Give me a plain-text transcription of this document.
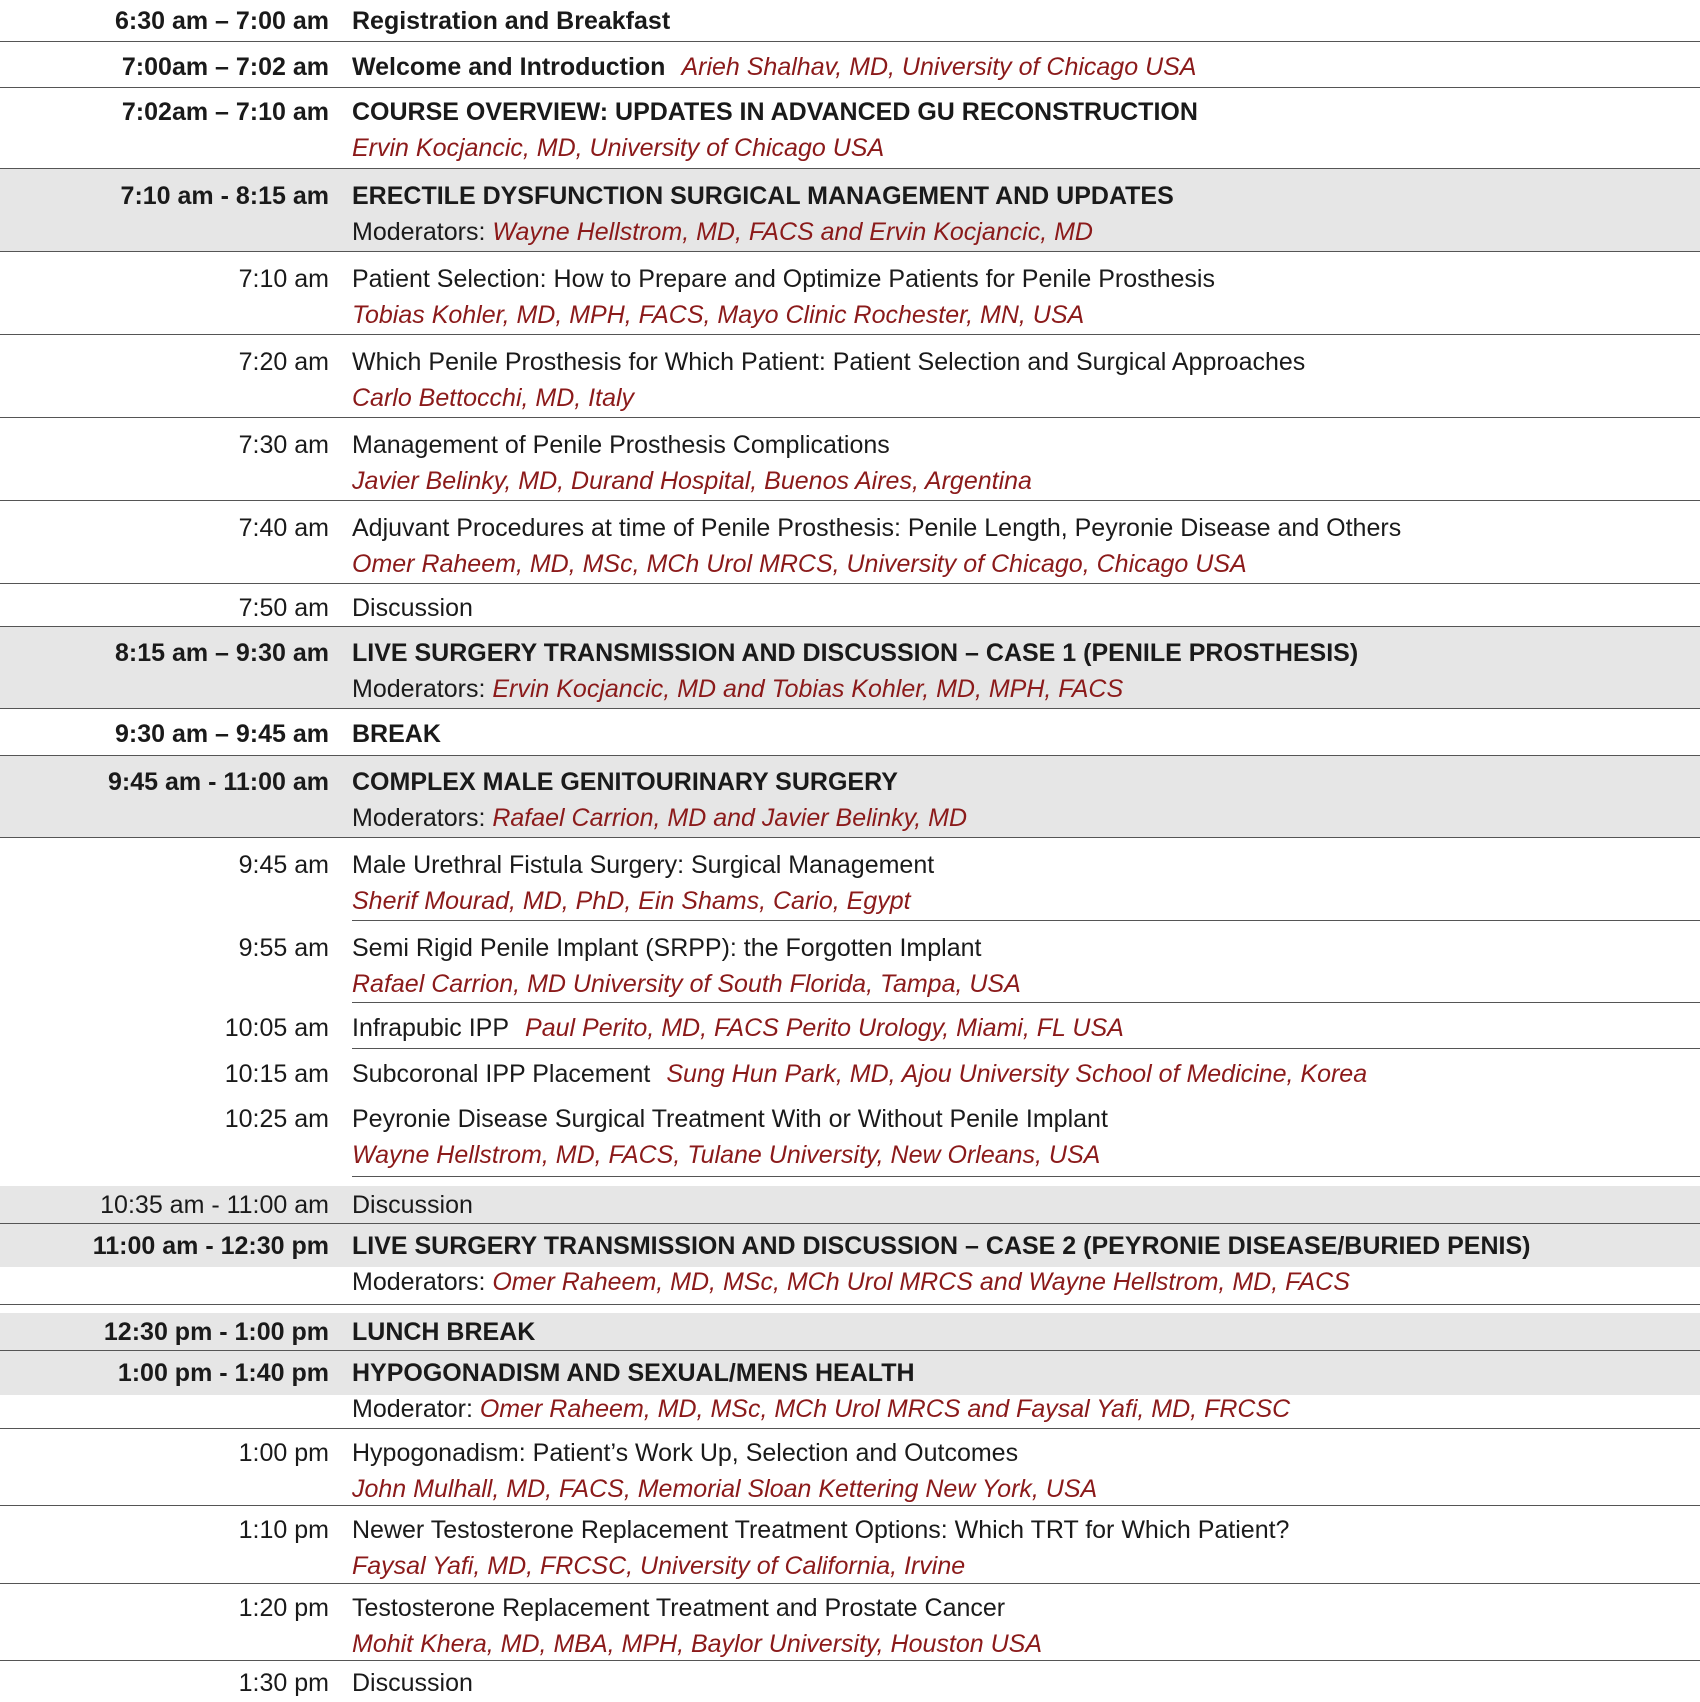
6:30 am – 7:00 am Registration and Breakfast
7:00am – 7:02 am Welcome and Introduction Arieh Shalhav, MD, University of Chicago USA
7:02am – 7:10 am COURSE OVERVIEW: UPDATES IN ADVANCED GU RECONSTRUCTION
Ervin Kocjancic, MD, University of Chicago USA
7:10 am - 8:15 am ERECTILE DYSFUNCTION SURGICAL MANAGEMENT AND UPDATES
Moderators: Wayne Hellstrom, MD, FACS and Ervin Kocjancic, MD
7:10 am Patient Selection: How to Prepare and Optimize Patients for Penile Prosthesis
Tobias Kohler, MD, MPH, FACS, Mayo Clinic Rochester, MN, USA
7:20 am Which Penile Prosthesis for Which Patient: Patient Selection and Surgical Approaches
Carlo Bettocchi, MD, Italy
7:30 am Management of Penile Prosthesis Complications
Javier Belinky, MD, Durand Hospital, Buenos Aires, Argentina
7:40 am Adjuvant Procedures at time of Penile Prosthesis: Penile Length, Peyronie Disease and Others
Omer Raheem, MD, MSc, MCh Urol MRCS, University of Chicago, Chicago USA
7:50 am Discussion
8:15 am – 9:30 am LIVE SURGERY TRANSMISSION AND DISCUSSION – CASE 1 (PENILE PROSTHESIS)
Moderators: Ervin Kocjancic, MD and Tobias Kohler, MD, MPH, FACS
9:30 am – 9:45 am BREAK
9:45 am - 11:00 am COMPLEX MALE GENITOURINARY SURGERY
Moderators: Rafael Carrion, MD and Javier Belinky, MD
9:45 am Male Urethral Fistula Surgery: Surgical Management
Sherif Mourad, MD, PhD, Ein Shams, Cario, Egypt
9:55 am Semi Rigid Penile Implant (SRPP): the Forgotten Implant
Rafael Carrion, MD University of South Florida, Tampa, USA
10:05 am Infrapubic IPP Paul Perito, MD, FACS Perito Urology, Miami, FL USA
10:15 am Subcoronal IPP Placement Sung Hun Park, MD, Ajou University School of Medicine, Korea
10:25 am Peyronie Disease Surgical Treatment With or Without Penile Implant
Wayne Hellstrom, MD, FACS, Tulane University, New Orleans, USA
10:35 am - 11:00 am Discussion
11:00 am - 12:30 pm LIVE SURGERY TRANSMISSION AND DISCUSSION – CASE 2 (PEYRONIE DISEASE/BURIED PENIS)
Moderators: Omer Raheem, MD, MSc, MCh Urol MRCS and Wayne Hellstrom, MD, FACS
12:30 pm - 1:00 pm LUNCH BREAK
1:00 pm - 1:40 pm HYPOGONADISM AND SEXUAL/MENS HEALTH
Moderator: Omer Raheem, MD, MSc, MCh Urol MRCS and Faysal Yafi, MD, FRCSC
1:00 pm Hypogonadism: Patient’s Work Up, Selection and Outcomes
John Mulhall, MD, FACS, Memorial Sloan Kettering New York, USA
1:10 pm Newer Testosterone Replacement Treatment Options: Which TRT for Which Patient?
Faysal Yafi, MD, FRCSC, University of California, Irvine
1:20 pm Testosterone Replacement Treatment and Prostate Cancer
Mohit Khera, MD, MBA, MPH, Baylor University, Houston USA
1:30 pm Discussion
